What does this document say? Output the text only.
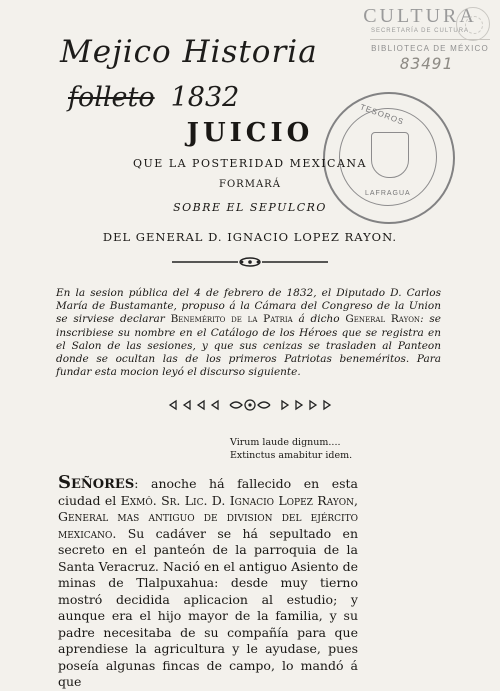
CULTURA
SECRETARÍA DE CULTURA
BIBLIOTECA DE MÉXICO
83491
TESOROS
LAFRAGUA
Mejico Historia
folleto 1832
JUICIO
QUE LA POSTERIDAD MEXICANA
FORMARÁ
SOBRE EL SEPULCRO
DEL GENERAL D. IGNACIO LOPEZ RAYON.
En la sesion pública del 4 de febrero de 1832, el Diputado D. Carlos María de Bustamante, propuso á la Cámara del Congreso de la Union se sirviese declarar Benemérito de la Patria á dicho General Rayon: se inscribiese su nombre en el Catálogo de los Héroes que se registra en el Salon de las sesiones, y que sus cenizas se trasladen al Panteon donde se ocultan las de los primeros Patriotas beneméritos. Para fundar esta mocion leyó el discurso siguiente.
Virum laude dignum....
Extinctus amabitur idem.
Señores: anoche há fallecido en esta ciudad el Exmô. Sr. Lic. D. Ignacio Lopez Rayon, General mas antiguo de division del ejército mexicano. Su cadáver se há sepultado en secreto en el panteón de la parroquia de la Santa Veracruz. Nació en el antiguo Asiento de minas de Tlalpuxahua: desde muy tierno mostró decidida aplicacion al estudio; y aunque era el hijo mayor de la familia, y su padre necesitaba de su compañía para que aprendiese la agricultura y le ayudase, pues poseía algunas fincas de campo, lo mandó á que
